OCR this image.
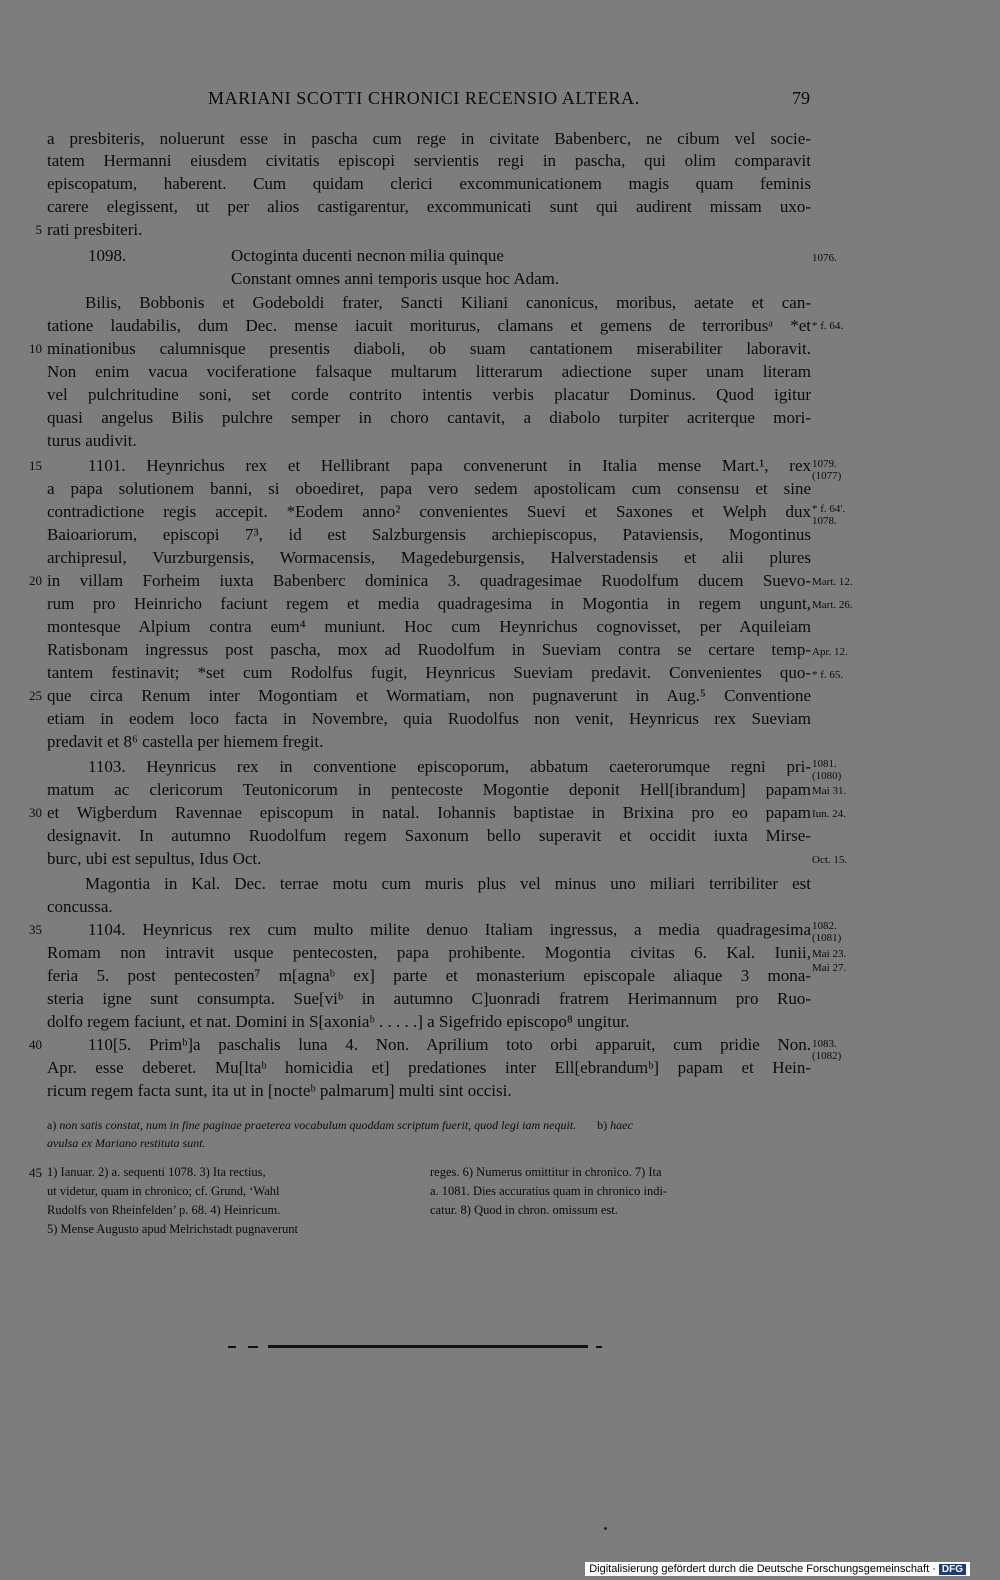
MARIANI SCOTTI CHRONICI RECENSIO ALTERA.	79
a presbiteris, noluerunt esse in pascha cum rege in civitate Babenberc, ne cibum vel socie-
tatem Hermanni eiusdem civitatis episcopi servientis regi in pascha, qui olim comparavit
episcopatum, haberent. Cum quidam clerici excommunicationem magis quam feminis
carere elegissent, ut per alios castigarentur, excommunicati sunt qui audirent missam uxo-
5 rati presbiteri.
1098.	Octoginta ducenti necnon milia quinque
Constant omnes anni temporis usque hoc Adam.
1076.
Bilis, Bobbonis et Godeboldi frater, Sancti Kiliani canonicus, moribus, aetate et can-
tatione laudabilis, dum Dec. mense iacuit moriturus, clamans et gemens de terroribusᵃ *et * f. 64.
10 minationibus calumnisque presentis diaboli, ob suam cantationem miserabiliter laboravit.
Non enim vacua vociferatione falsaque multarum litterarum adiectione super unam literam
vel pulchritudine soni, set corde contrito intentis verbis placatur Dominus. Quod igitur
quasi angelus Bilis pulchre semper in choro cantavit, a diabolo turpiter acriterque mori-
turus audivit.
15	1101. Heynrichus rex et Hellibrant papa convenerunt in Italia mense Mart.¹, rex 1079.
(1077)
a papa solutionem banni, si oboediret, papa vero sedem apostolicam cum consensu et sine
contradictione regis accepit. *Eodem anno² convenientes Suevi et Saxones et Welph dux * f. 64'.
1078.
Baioariorum, episcopi 7³, id est Salzburgensis archiepiscopus, Pataviensis, Mogontinus
archipresul, Vurzburgensis, Wormacensis, Magedeburgensis, Halverstadensis et alii plures
20 in villam Forheim iuxta Babenberc dominica 3. quadragesimae Ruodolfum ducem Suevo- Mart. 12.
rum pro Heinricho faciunt regem et media quadragesima in Mogontia in regem ungunt, Mart. 26.
montesque Alpium contra eum⁴ muniunt. Hoc cum Heynrichus cognovisset, per Aquileiam
Ratisbonam ingressus post pascha, mox ad Ruodolfum in Sueviam contra se certare temp- Apr. 12.
tantem festinavit; *set cum Rodolfus fugit, Heynricus Sueviam predavit. Convenientes quo- * f. 65.
25 que circa Renum inter Mogontiam et Wormatiam, non pugnaverunt in Aug.⁵ Conventione
etiam in eodem loco facta in Novembre, quia Ruodolfus non venit, Heynricus rex Sueviam
predavit et 8⁶ castella per hiemem fregit.
1103. Heynricus rex in conventione episcoporum, abbatum caeterorumque regni pri- 1081.
(1080)
matum ac clericorum Teutonicorum in pentecoste Mogontie deponit Hell[ibrandum] papam Mai 31.
30 et Wigberdum Ravennae episcopum in natal. Iohannis baptistae in Brixina pro eo papam Iun. 24.
designavit. In autumno Ruodolfum regem Saxonum bello superavit et occidit iuxta Mirse-
burc, ubi est sepultus, Idus Oct.	Oct. 15.
Magontia in Kal. Dec. terrae motu cum muris plus vel minus uno miliari terribiliter est
concussa.
35	1104. Heynricus rex cum multo milite denuo Italiam ingressus, a media quadragesima 1082.
(1081)
Romam non intravit usque pentecosten, papa prohibente. Mogontia civitas 6. Kal. Iunii, Mai 23.
feria 5. post pentecosten⁷ m[agnaᵇ ex] parte et monasterium episcopale aliaque 3 mona- Mai 27.
steria igne sunt consumpta. Sue[viᵇ in autumno C]uonradi fratrem Herimannum pro Ruo-
dolfo regem faciunt, et nat. Domini in S[axoniaᵇ . . . . .] a Sigefrido episcopo⁸ ungitur.
40	110[5. Primᵇ]a paschalis luna 4. Non. Aprilium toto orbi apparuit, cum pridie Non. 1083.
(1082)
Apr. esse deberet. Mu[ltaᵇ homicidia et] predationes inter Ell[ebrandumᵇ] papam et Hein-
ricum regem facta sunt, ita ut in [nocteᵇ palmarum] multi sint occisi.
a) non satis constat, num in fine paginae praeterea vocabulum quoddam scriptum fuerit, quod legi iam nequit. b) haec
avulsa ex Mariano restituta sunt.
45 1) Ianuar. 2) a. sequenti 1078. 3) Ita rectius,
ut videtur, quam in chronico; cf. Grund, ‘Wahl
Rudolfs von Rheinfelden’ p. 68. 4) Heinricum.
5) Mense Augusto apud Melrichstadt pugnaverunt
reges. 6) Numerus omittitur in chronico. 7) Ita
a. 1081. Dies accuratius quam in chronico indi-
catur. 8) Quod in chron. omissum est.
Digitalisierung gefördert durch die Deutsche Forschungsgemeinschaft · DFG
